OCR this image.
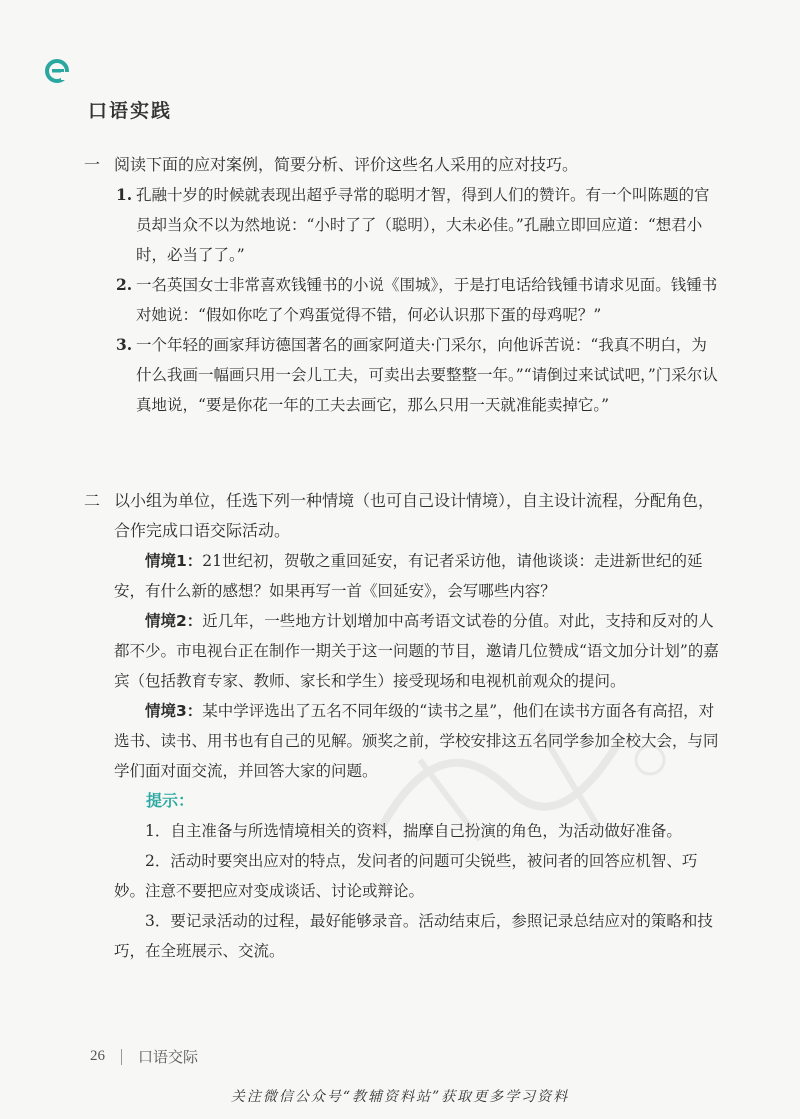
口语实践
一 阅读下面的应对案例，简要分析、评价这些名人采用的应对技巧。
1. 孔融十岁的时候就表现出超乎寻常的聪明才智，得到人们的赞许。有一个叫陈题的官员却当众不以为然地说：“小时了了（聪明），大未必佳。”孔融立即回应道：“想君小时，必当了了。”
2. 一名英国女士非常喜欢钱锺书的小说《围城》，于是打电话给钱锺书请求见面。钱锺书对她说：“假如你吃了个鸡蛋觉得不错，何必认识那下蛋的母鸡呢？”
3. 一个年轻的画家拜访德国著名的画家阿道夫·门采尔，向他诉苦说：“我真不明白，为什么我画一幅画只用一会儿工夫，可卖出去要整整一年。”“请倒过来试试吧，”门采尔认真地说，“要是你花一年的工夫去画它，那么只用一天就准能卖掉它。”
二 以小组为单位，任选下列一种情境（也可自己设计情境），自主设计流程，分配角色，合作完成口语交际活动。
情境1：21世纪初，贺敬之重回延安，有记者采访他，请他谈谈：走进新世纪的延安，有什么新的感想？如果再写一首《回延安》，会写哪些内容？
情境2：近几年，一些地方计划增加中高考语文试卷的分值。对此，支持和反对的人都不少。市电视台正在制作一期关于这一问题的节目，邀请几位赞成“语文加分计划”的嘉宾（包括教育专家、教师、家长和学生）接受现场和电视机前观众的提问。
情境3：某中学评选出了五名不同年级的“读书之星”，他们在读书方面各有高招，对选书、读书、用书也有自己的见解。颁奖之前，学校安排这五名同学参加全校大会，与同学们面对面交流，并回答大家的问题。
提示：
1．自主准备与所选情境相关的资料，揣摩自己扮演的角色，为活动做好准备。
2．活动时要突出应对的特点，发问者的问题可尖锐些，被问者的回答应机智、巧妙。注意不要把应对变成谈话、讨论或辩论。
3．要记录活动的过程，最好能够录音。活动结束后，参照记录总结应对的策略和技巧，在全班展示、交流。
26 口语交际
关注微信公众号“教辅资料站”获取更多学习资料
